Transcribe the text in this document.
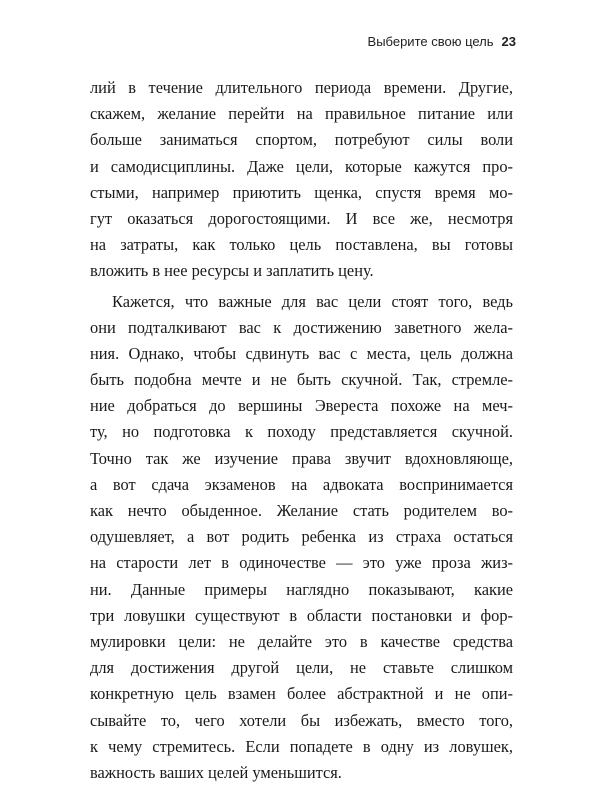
Выберите свою цель 23
лий в течение длительного периода времени. Другие,
скажем, желание перейти на правильное питание или
больше заниматься спортом, потребуют силы воли
и самодисциплины. Даже цели, которые кажутся про-
стыми, например приютить щенка, спустя время мо-
гут оказаться дорогостоящими. И все же, несмотря
на затраты, как только цель поставлена, вы готовы
вложить в нее ресурсы и заплатить цену.
Кажется, что важные для вас цели стоят того, ведь
они подталкивают вас к достижению заветного жела-
ния. Однако, чтобы сдвинуть вас с места, цель должна
быть подобна мечте и не быть скучной. Так, стремле-
ние добраться до вершины Эвереста похоже на меч-
ту, но подготовка к походу представляется скучной.
Точно так же изучение права звучит вдохновляюще,
а вот сдача экзаменов на адвоката воспринимается
как нечто обыденное. Желание стать родителем во-
одушевляет, а вот родить ребенка из страха остаться
на старости лет в одиночестве — это уже проза жиз-
ни. Данные примеры наглядно показывают, какие
три ловушки существуют в области постановки и фор-
мулировки цели: не делайте это в качестве средства
для достижения другой цели, не ставьте слишком
конкретную цель взамен более абстрактной и не опи-
сывайте то, чего хотели бы избежать, вместо того,
к чему стремитесь. Если попадете в одну из ловушек,
важность ваших целей уменьшится.
